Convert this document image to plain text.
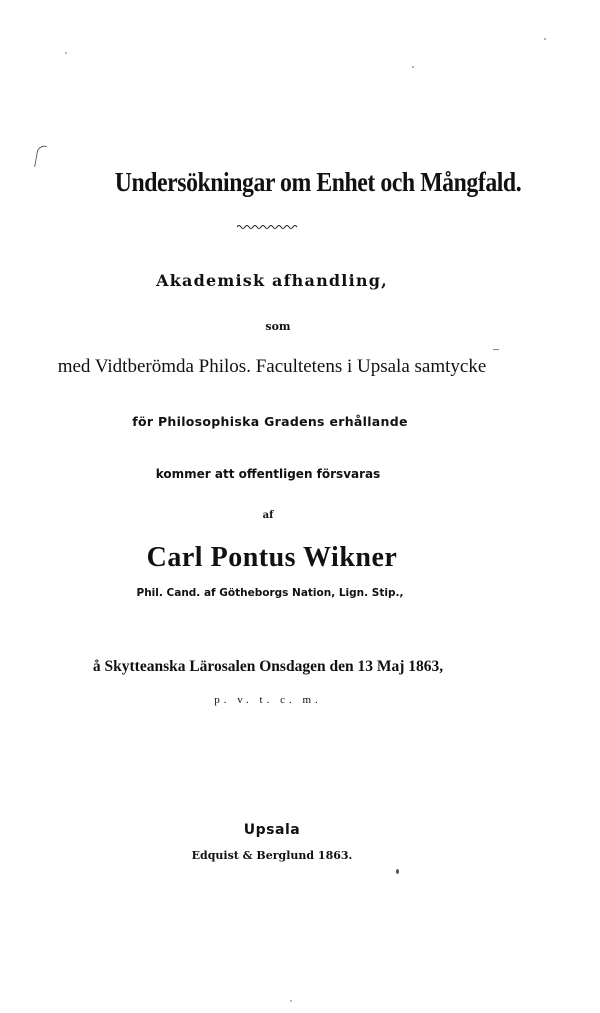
Undersökningar om Enhet och Mångfald.
Akademisk afhandling,
som
med Vidtberömda Philos. Facultetens i Upsala samtycke
för Philosophiska Gradens erhållande
kommer att offentligen försvaras
af
Carl Pontus Wikner
Phil. Cand. af Götheborgs Nation, Lign. Stip.,
å Skytteanska Lärosalen Onsdagen den 13 Maj 1863,
p. v. t. c. m.
Upsala
Edquist & Berglund 1863.
